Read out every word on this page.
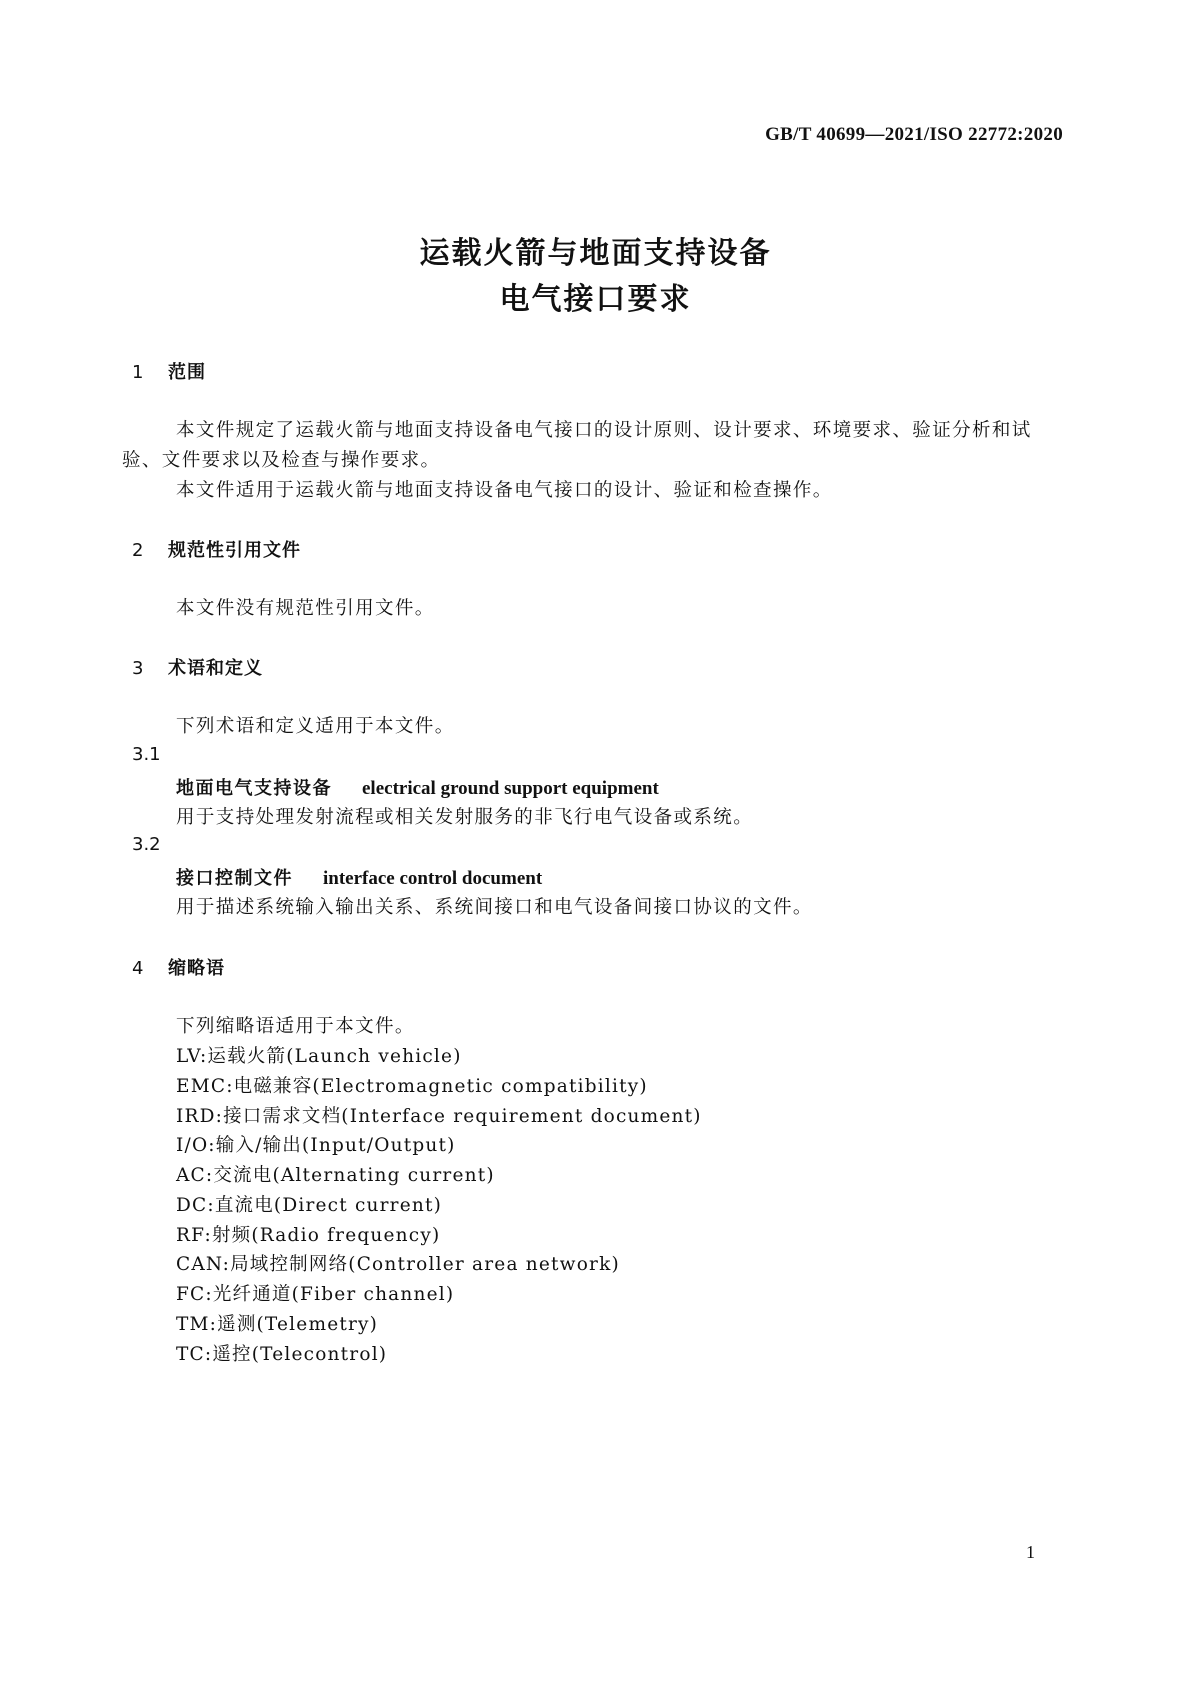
GB/T 40699—2021/ISO 22772:2020
运载火箭与地面支持设备
电气接口要求
1 范围
本文件规定了运载火箭与地面支持设备电气接口的设计原则、设计要求、环境要求、验证分析和试
验、文件要求以及检查与操作要求。
本文件适用于运载火箭与地面支持设备电气接口的设计、验证和检查操作。
2 规范性引用文件
本文件没有规范性引用文件。
3 术语和定义
下列术语和定义适用于本文件。
3.1
地面电气支持设备 electrical ground support equipment
用于支持处理发射流程或相关发射服务的非飞行电气设备或系统。
3.2
接口控制文件 interface control document
用于描述系统输入输出关系、系统间接口和电气设备间接口协议的文件。
4 缩略语
下列缩略语适用于本文件。
LV:运载火箭(Launch vehicle)
EMC:电磁兼容(Electromagnetic compatibility)
IRD:接口需求文档(Interface requirement document)
I/O:输入/输出(Input/Output)
AC:交流电(Alternating current)
DC:直流电(Direct current)
RF:射频(Radio frequency)
CAN:局域控制网络(Controller area network)
FC:光纤通道(Fiber channel)
TM:遥测(Telemetry)
TC:遥控(Telecontrol)
1
